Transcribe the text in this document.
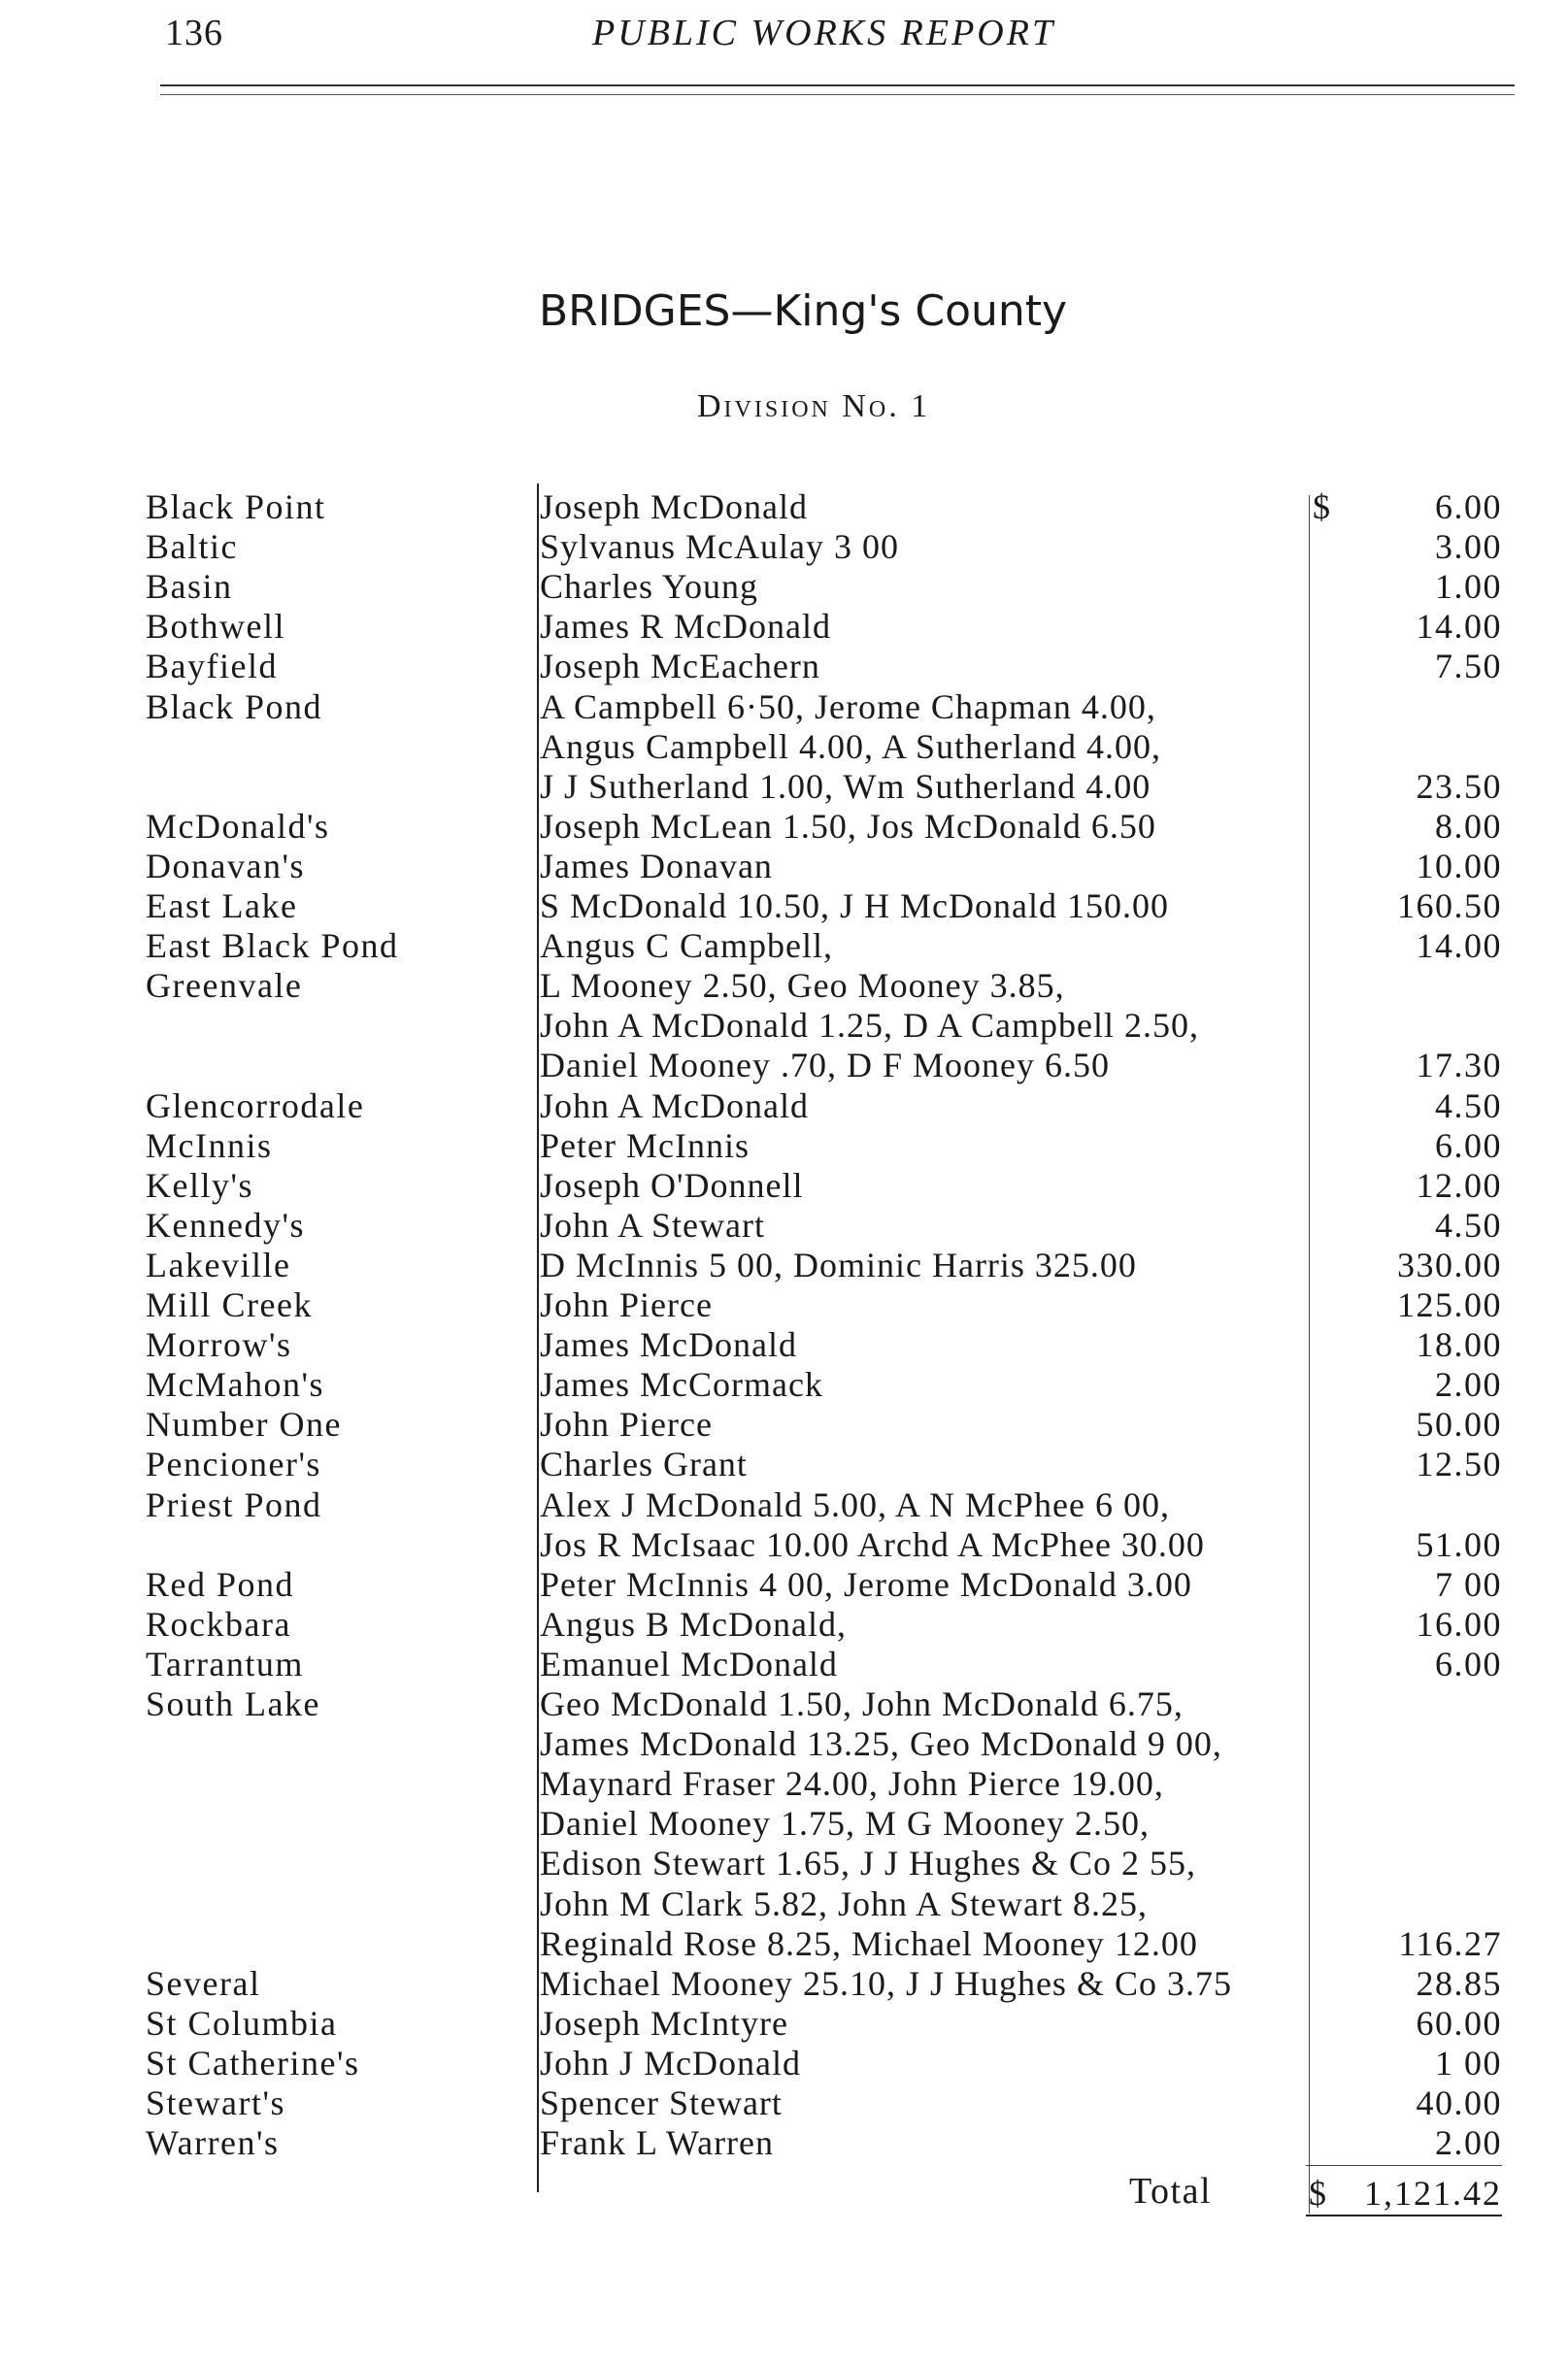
136	PUBLIC WORKS REPORT
BRIDGES—King's County
Division No. 1
$
Black Point	Joseph McDonald	6.00
Baltic	Sylvanus McAulay 3 00	3.00
Basin	Charles Young	1.00
Bothwell	James R McDonald	14.00
Bayfield	Joseph McEachern	7.50
Black Pond	A Campbell 6·50, Jerome Chapman 4.00,
Angus Campbell 4.00, A Sutherland 4.00,
J J Sutherland 1.00, Wm Sutherland 4.00	23.50
McDonald's	Joseph McLean 1.50, Jos McDonald 6.50	8.00
Donavan's	James Donavan	10.00
East Lake	S McDonald 10.50, J H McDonald 150.00	160.50
East Black Pond	Angus C Campbell,	14.00
Greenvale	L Mooney 2.50, Geo Mooney 3.85,
John A McDonald 1.25, D A Campbell 2.50,
Daniel Mooney .70, D F Mooney 6.50	17.30
Glencorrodale	John A McDonald	4.50
McInnis	Peter McInnis	6.00
Kelly's	Joseph O'Donnell	12.00
Kennedy's	John A Stewart	4.50
Lakeville	D McInnis 5 00, Dominic Harris 325.00	330.00
Mill Creek	John Pierce	125.00
Morrow's	James McDonald	18.00
McMahon's	James McCormack	2.00
Number One	John Pierce	50.00
Pencioner's	Charles Grant	12.50
Priest Pond	Alex J McDonald 5.00, A N McPhee 6 00,
Jos R McIsaac 10.00 Archd A McPhee 30.00	51.00
Red Pond	Peter McInnis 4 00, Jerome McDonald 3.00	7 00
Rockbara	Angus B McDonald,	16.00
Tarrantum	Emanuel McDonald	6.00
South Lake	Geo McDonald 1.50, John McDonald 6.75,
James McDonald 13.25, Geo McDonald 9 00,
Maynard Fraser 24.00, John Pierce 19.00,
Daniel Mooney 1.75, M G Mooney 2.50,
Edison Stewart 1.65, J J Hughes & Co 2 55,
John M Clark 5.82, John A Stewart 8.25,
Reginald Rose 8.25, Michael Mooney 12.00	116.27
Several	Michael Mooney 25.10, J J Hughes & Co 3.75	28.85
St Columbia	Joseph McIntyre	60.00
St Catherine's	John J McDonald	1 00
Stewart's	Spencer Stewart	40.00
Warren's	Frank L Warren	2.00
Total	$ 1,121.42
